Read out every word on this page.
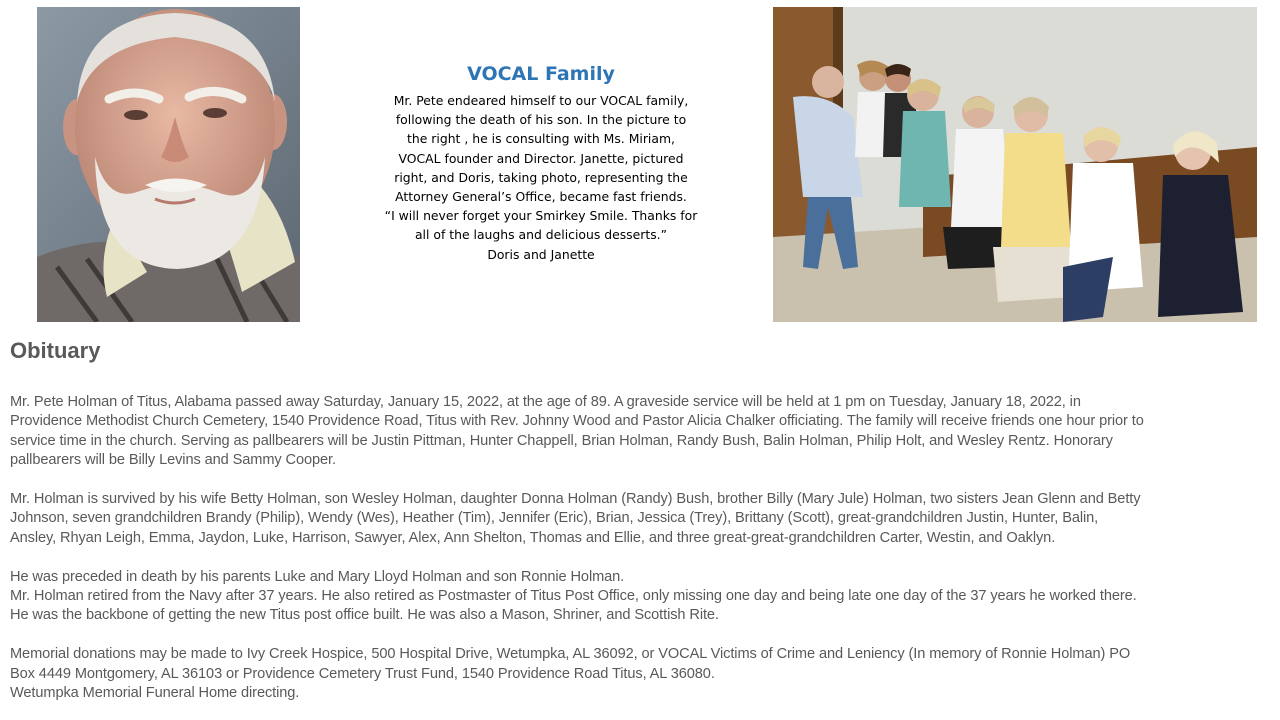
VOCAL Family

Mr. Pete endeared himself to our VOCAL family,

following the death of his son. In the picture to

the right , he is consulting with Ms. Miriam,

VOCAL founder and Director. Janette, pictured

right, and Doris, taking photo, representing the

Attorney General’s Office, became fast friends.

“I will never forget your Smirkey Smile. Thanks for

all of the laughs and delicious desserts.”

Doris and Janette

Obituary
Mr. Pete Holman of Titus, Alabama passed away Saturday, January 15, 2022, at the age of 89. A graveside service will be held at 1 pm on Tuesday, January 18, 2022, in
Providence Methodist Church Cemetery, 1540 Providence Road, Titus with Rev. Johnny Wood and Pastor Alicia Chalker officiating. The family will receive friends one hour prior to
service time in the church. Serving as pallbearers will be Justin Pittman, Hunter Chappell, Brian Holman, Randy Bush, Balin Holman, Philip Holt, and Wesley Rentz. Honorary
pallbearers will be Billy Levins and Sammy Cooper.
Mr. Holman is survived by his wife Betty Holman, son Wesley Holman, daughter Donna Holman (Randy) Bush, brother Billy (Mary Jule) Holman, two sisters Jean Glenn and Betty
Johnson, seven grandchildren Brandy (Philip), Wendy (Wes), Heather (Tim), Jennifer (Eric), Brian, Jessica (Trey), Brittany (Scott), great-grandchildren Justin, Hunter, Balin,
Ansley, Rhyan Leigh, Emma, Jaydon, Luke, Harrison, Sawyer, Alex, Ann Shelton, Thomas and Ellie, and three great-great-grandchildren Carter, Westin, and Oaklyn.
He was preceded in death by his parents Luke and Mary Lloyd Holman and son Ronnie Holman.
Mr. Holman retired from the Navy after 37 years. He also retired as Postmaster of Titus Post Office, only missing one day and being late one day of the 37 years he worked there.
He was the backbone of getting the new Titus post office built. He was also a Mason, Shriner, and Scottish Rite.
Memorial donations may be made to Ivy Creek Hospice, 500 Hospital Drive, Wetumpka, AL 36092, or VOCAL Victims of Crime and Leniency (In memory of Ronnie Holman) PO
Box 4449 Montgomery, AL 36103 or Providence Cemetery Trust Fund, 1540 Providence Road Titus, AL 36080.
Wetumpka Memorial Funeral Home directing.
